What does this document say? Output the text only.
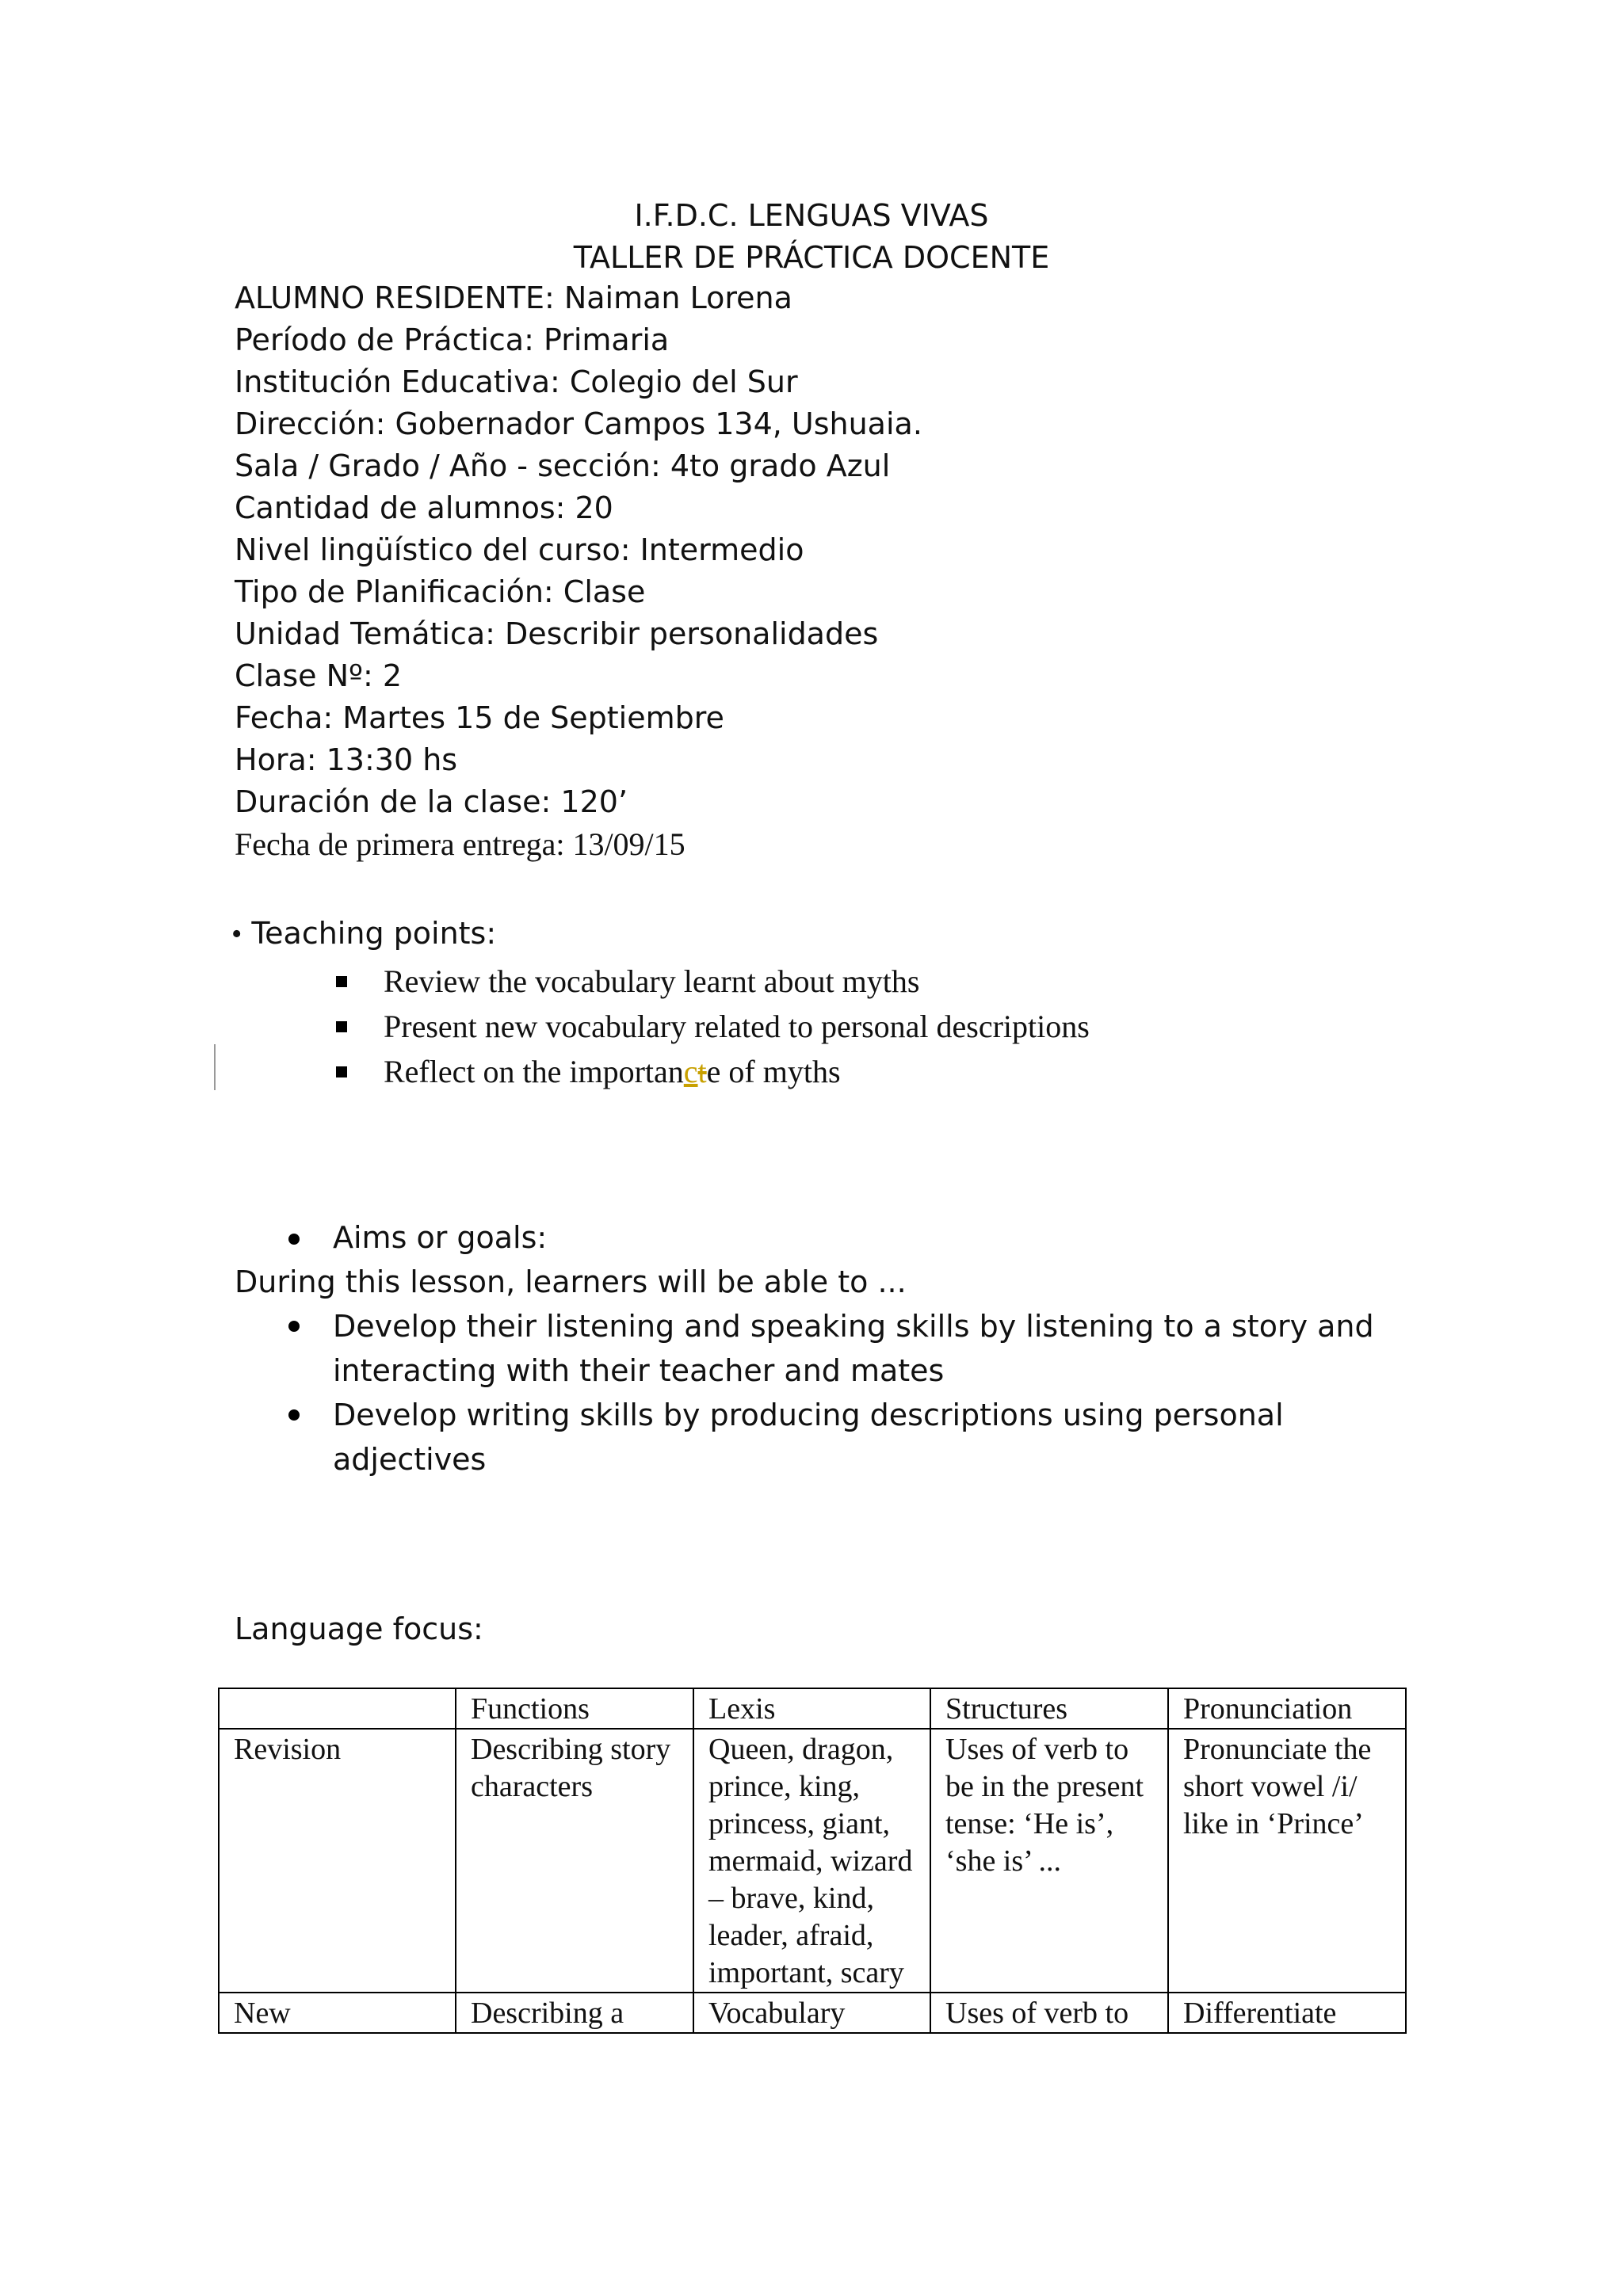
I.F.D.C. LENGUAS VIVAS
TALLER DE PRÁCTICA DOCENTE
ALUMNO RESIDENTE: Naiman Lorena
Período de Práctica: Primaria
Institución Educativa: Colegio del Sur
Dirección: Gobernador Campos 134, Ushuaia.
Sala / Grado / Año - sección: 4to grado Azul
Cantidad de alumnos: 20
Nivel lingüístico del curso: Intermedio
Tipo de Planificación: Clase
Unidad Temática: Describir personalidades
Clase Nº: 2
Fecha: Martes 15 de Septiembre
Hora: 13:30 hs
Duración de la clase: 120’
Fecha de primera entrega: 13/09/15
• Teaching points:
Review the vocabulary learnt about myths
Present new vocabulary related to personal descriptions
Reflect on the importancte of myths
Aims or goals:
During this lesson, learners will be able to ...
Develop their listening and speaking skills by listening to a story and interacting with their teacher and mates
Develop writing skills by producing descriptions using personal adjectives
Language focus:
	Functions	Lexis	Structures	Pronunciation
Revision	Describing story characters	Queen, dragon, prince, king, princess, giant, mermaid, wizard – brave, kind, leader, afraid, important, scary	Uses of verb to be in the present tense: ‘He is’, ‘she is’ ...	Pronunciate the short vowel /i/ like in ‘Prince’
New	Describing a	Vocabulary	Uses of verb to	Differentiate
